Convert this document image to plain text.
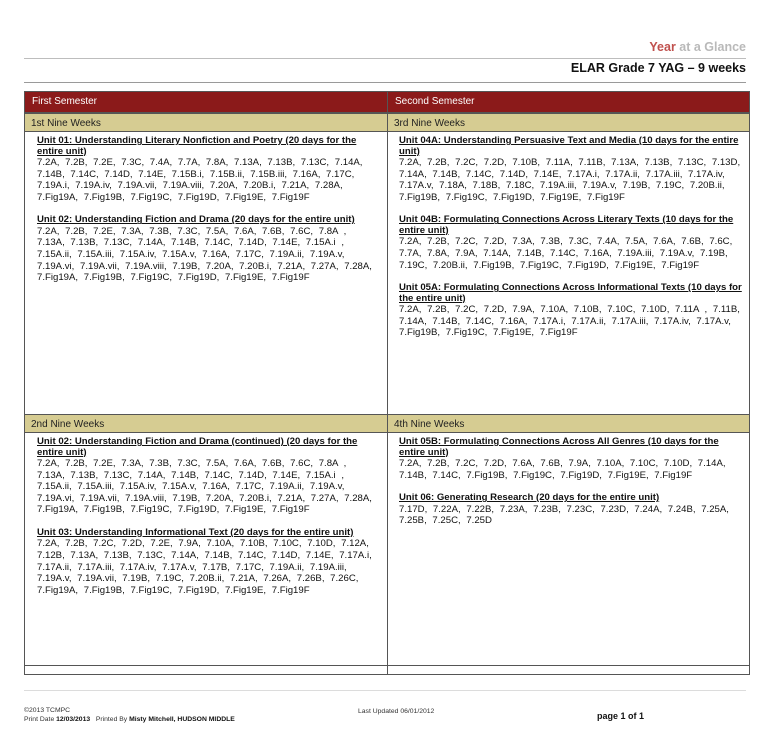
Year at a Glance
ELAR Grade 7 YAG – 9 weeks
First Semester
1st Nine Weeks
Unit 01: Understanding Literary Nonfiction and Poetry (20 days for the entire unit)
7.2A, 7.2B, 7.2E, 7.3C, 7.4A, 7.7A, 7.8A, 7.13A, 7.13B, 7.13C, 7.14A, 7.14B, 7.14C, 7.14D, 7.14E, 7.15B.i, 7.15B.ii, 7.15B.iii, 7.16A, 7.17C, 7.19A.i, 7.19A.iv, 7.19A.vii, 7.19A.viii, 7.20A, 7.20B.i, 7.21A, 7.28A, 7.Fig19A, 7.Fig19B, 7.Fig19C, 7.Fig19D, 7.Fig19E, 7.Fig19F
Unit 02: Understanding Fiction and Drama (20 days for the entire unit)
7.2A, 7.2B, 7.2E, 7.3A, 7.3B, 7.3C, 7.5A, 7.6A, 7.6B, 7.6C, 7.8A , 7.13A, 7.13B, 7.13C, 7.14A, 7.14B, 7.14C, 7.14D, 7.14E, 7.15A.i , 7.15A.ii, 7.15A.iii, 7.15A.iv, 7.15A.v, 7.16A, 7.17C, 7.19A.ii, 7.19A.v, 7.19A.vi, 7.19A.vii, 7.19A.viii, 7.19B, 7.20A, 7.20B.i, 7.21A, 7.27A, 7.28A, 7.Fig19A, 7.Fig19B, 7.Fig19C, 7.Fig19D, 7.Fig19E, 7.Fig19F
2nd Nine Weeks
Unit 02: Understanding Fiction and Drama (continued) (20 days for the entire unit)
7.2A, 7.2B, 7.2E, 7.3A, 7.3B, 7.3C, 7.5A, 7.6A, 7.6B, 7.6C, 7.8A , 7.13A, 7.13B, 7.13C, 7.14A, 7.14B, 7.14C, 7.14D, 7.14E, 7.15A.i , 7.15A.ii, 7.15A.iii, 7.15A.iv, 7.15A.v, 7.16A, 7.17C, 7.19A.ii, 7.19A.v, 7.19A.vi, 7.19A.vii, 7.19A.viii, 7.19B, 7.20A, 7.20B.i, 7.21A, 7.27A, 7.28A, 7.Fig19A, 7.Fig19B, 7.Fig19C, 7.Fig19D, 7.Fig19E, 7.Fig19F
Unit 03: Understanding Informational Text (20 days for the entire unit)
7.2A, 7.2B, 7.2C, 7.2D, 7.2E, 7.9A, 7.10A, 7.10B, 7.10C, 7.10D, 7.12A, 7.12B, 7.13A, 7.13B, 7.13C, 7.14A, 7.14B, 7.14C, 7.14D, 7.14E, 7.17A.i, 7.17A.ii, 7.17A.iii, 7.17A.iv, 7.17A.v, 7.17B, 7.17C, 7.19A.ii, 7.19A.iii, 7.19A.v, 7.19A.vii, 7.19B, 7.19C, 7.20B.ii, 7.21A, 7.26A, 7.26B, 7.26C, 7.Fig19A, 7.Fig19B, 7.Fig19C, 7.Fig19D, 7.Fig19E, 7.Fig19F
Second Semester
3rd Nine Weeks
Unit 04A: Understanding Persuasive Text and Media (10 days for the entire unit)
7.2A, 7.2B, 7.2C, 7.2D, 7.10B, 7.11A, 7.11B, 7.13A, 7.13B, 7.13C, 7.13D, 7.14A, 7.14B, 7.14C, 7.14D, 7.14E, 7.17A.i, 7.17A.ii, 7.17A.iii, 7.17A.iv, 7.17A.v, 7.18A, 7.18B, 7.18C, 7.19A.iii, 7.19A.v, 7.19B, 7.19C, 7.20B.ii, 7.Fig19B, 7.Fig19C, 7.Fig19D, 7.Fig19E, 7.Fig19F
Unit 04B: Formulating Connections Across Literary Texts (10 days for the entire unit)
7.2A, 7.2B, 7.2C, 7.2D, 7.3A, 7.3B, 7.3C, 7.4A, 7.5A, 7.6A, 7.6B, 7.6C, 7.7A, 7.8A, 7.9A, 7.14A, 7.14B, 7.14C, 7.16A, 7.19A.iii, 7.19A.v, 7.19B, 7.19C, 7.20B.ii, 7.Fig19B, 7.Fig19C, 7.Fig19D, 7.Fig19E, 7.Fig19F
Unit 05A: Formulating Connections Across Informational Texts (10 days for the entire unit)
7.2A, 7.2B, 7.2C, 7.2D, 7.9A, 7.10A, 7.10B, 7.10C, 7.10D, 7.11A , 7.11B, 7.14A, 7.14B, 7.14C, 7.16A, 7.17A.i, 7.17A.ii, 7.17A.iii, 7.17A.iv, 7.17A.v, 7.Fig19B, 7.Fig19C, 7.Fig19E, 7.Fig19F
4th Nine Weeks
Unit 05B: Formulating Connections Across All Genres (10 days for the entire unit)
7.2A, 7.2B, 7.2C, 7.2D, 7.6A, 7.6B, 7.9A, 7.10A, 7.10C, 7.10D, 7.14A, 7.14B, 7.14C, 7.Fig19B, 7.Fig19C, 7.Fig19D, 7.Fig19E, 7.Fig19F
Unit 06: Generating Research (20 days for the entire unit)
7.17D, 7.22A, 7.22B, 7.23A, 7.23B, 7.23C, 7.23D, 7.24A, 7.24B, 7.25A, 7.25B, 7.25C, 7.25D
©2013 TCMPC
Print Date 12/03/2013 Printed By Misty Mitchell, HUDSON MIDDLE
Last Updated 06/01/2012	page 1 of 1
